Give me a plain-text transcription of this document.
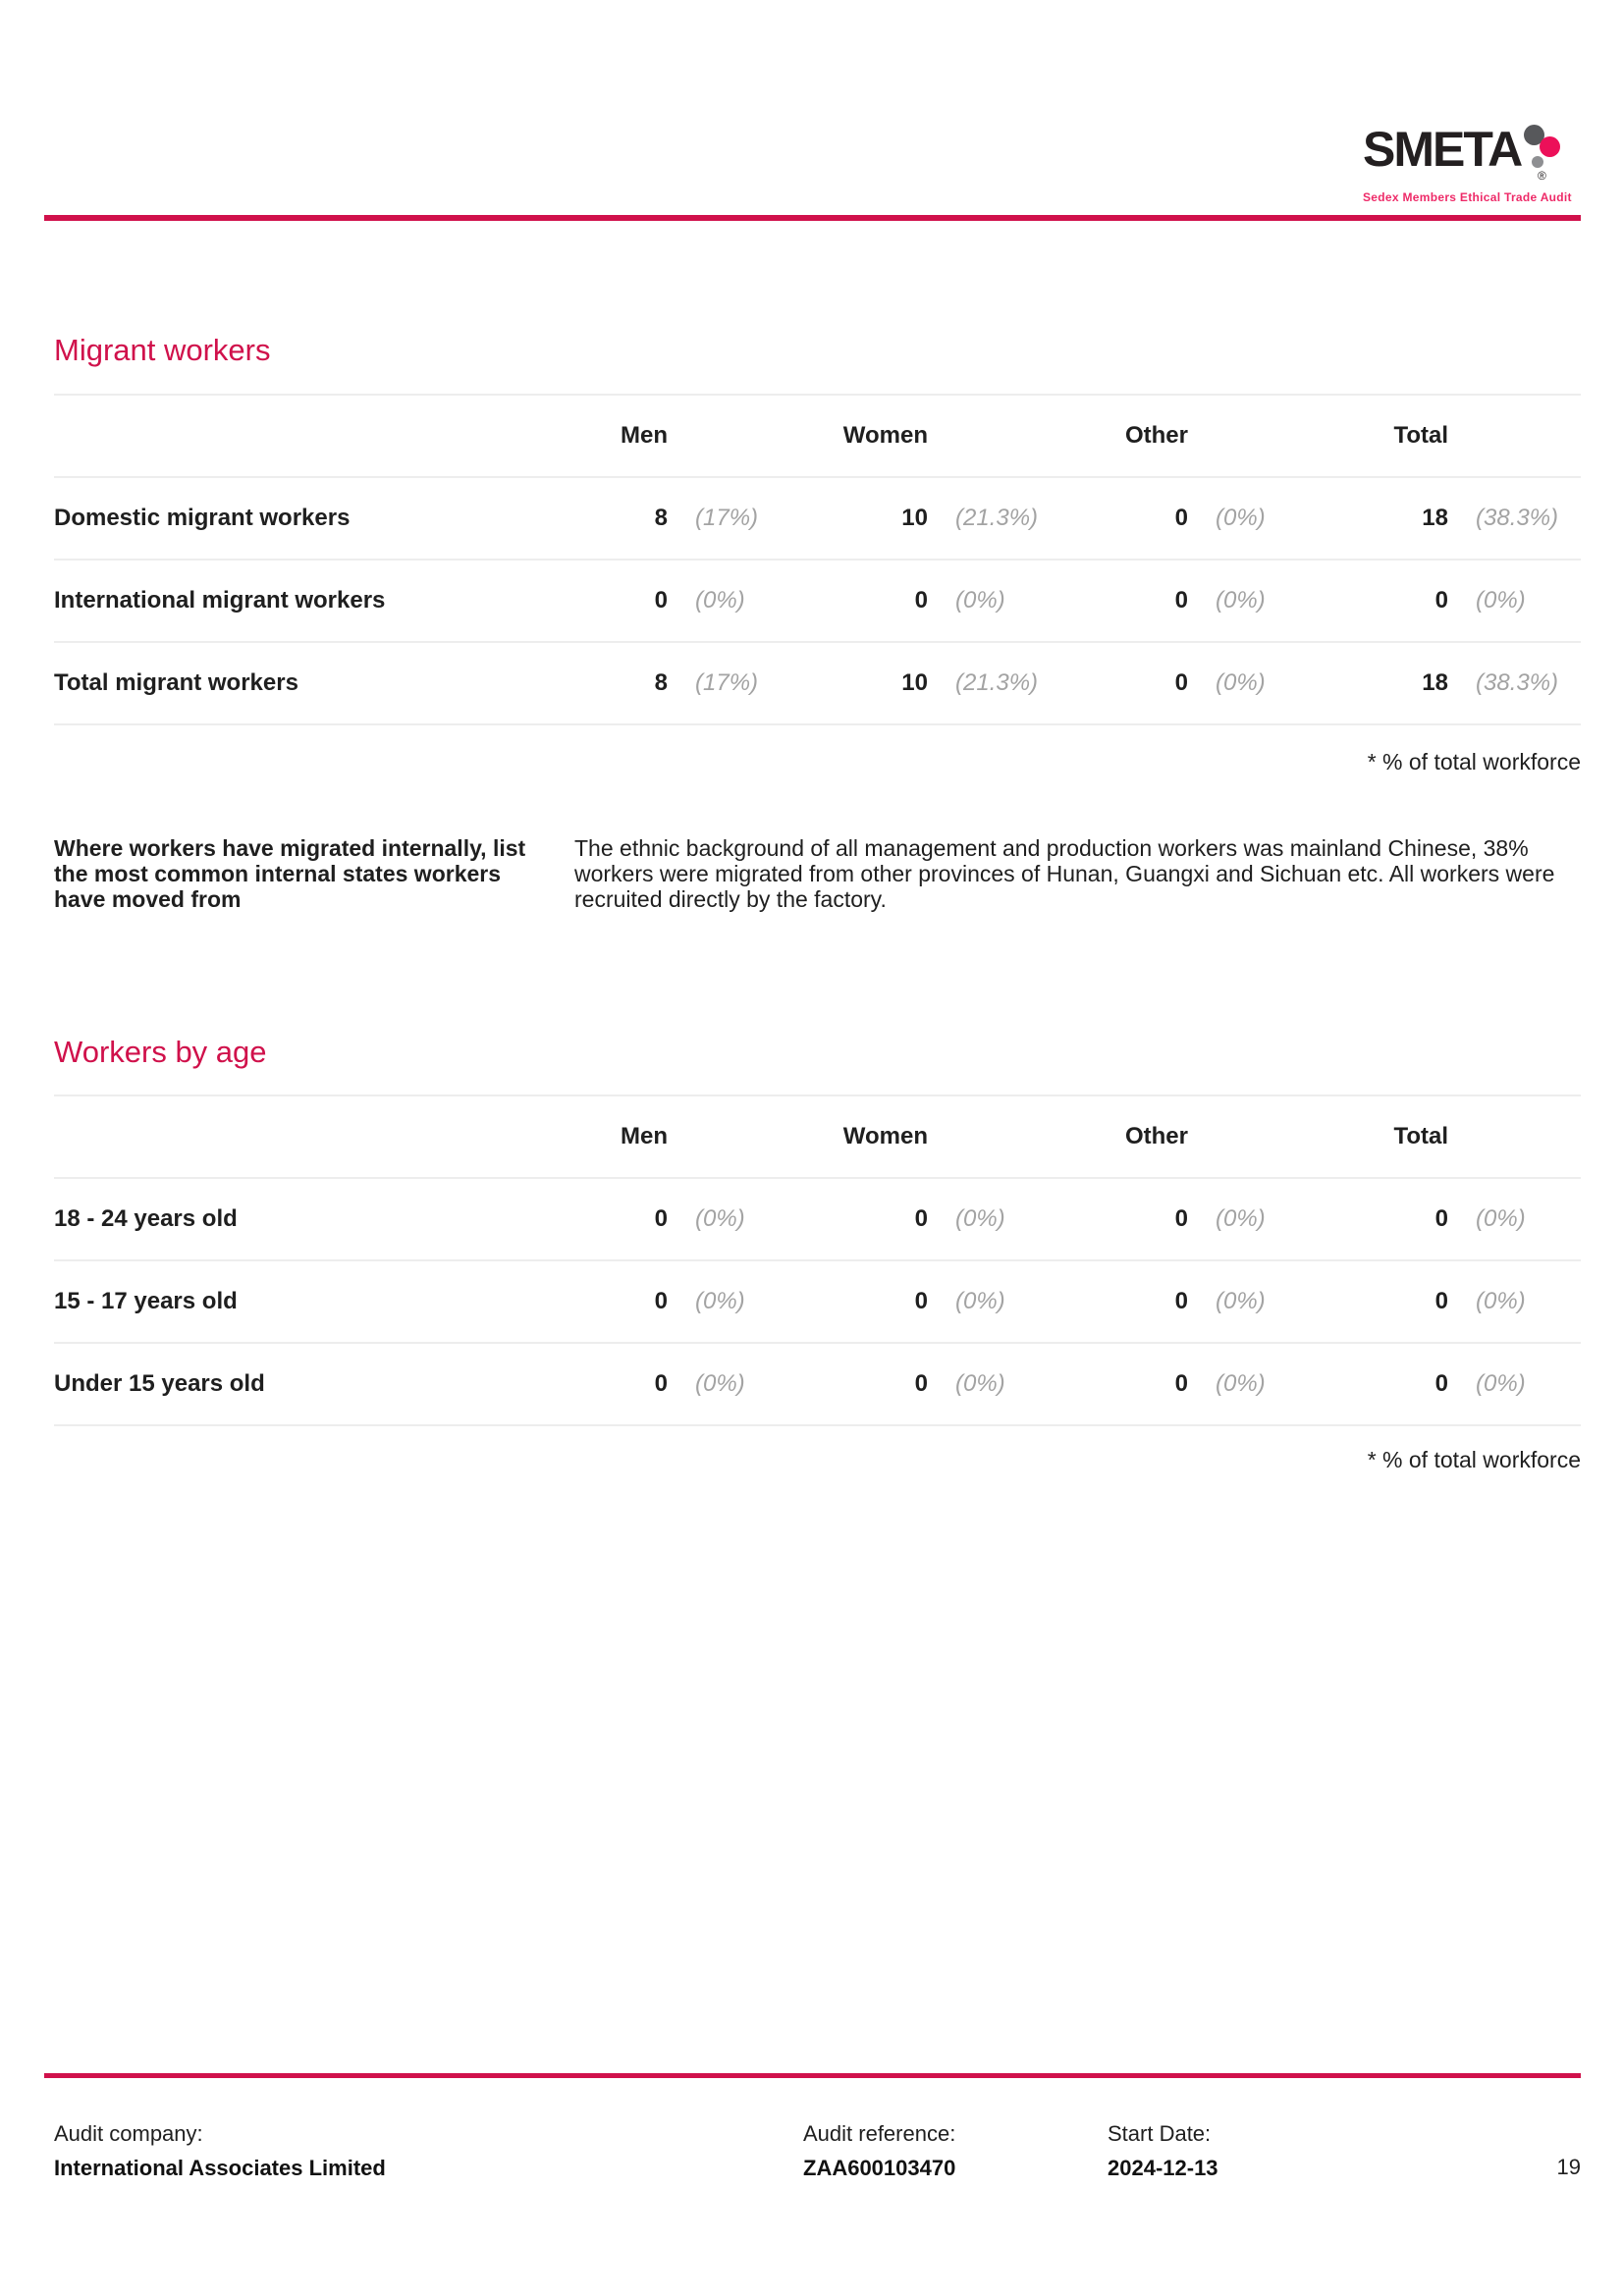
SMETA ®
Sedex Members Ethical Trade Audit
Migrant workers
Men	Women	Other	Total
Domestic migrant workers	8	(17%)	10	(21.3%)	0	(0%)	18	(38.3%)
International migrant workers	0	(0%)	0	(0%)	0	(0%)	0	(0%)
Total migrant workers	8	(17%)	10	(21.3%)	0	(0%)	18	(38.3%)
* % of total workforce
Where workers have migrated internally, list the most common internal states workers have moved from
The ethnic background of all management and production workers was mainland Chinese, 38% workers were migrated from other provinces of Hunan, Guangxi and Sichuan etc. All workers were recruited directly by the factory.
Workers by age
Men	Women	Other	Total
18 - 24 years old	0	(0%)	0	(0%)	0	(0%)	0	(0%)
15 - 17 years old	0	(0%)	0	(0%)	0	(0%)	0	(0%)
Under 15 years old	0	(0%)	0	(0%)	0	(0%)	0	(0%)
* % of total workforce
Audit company:
International Associates Limited
Audit reference:
ZAA600103470
Start Date:
2024-12-13	19
